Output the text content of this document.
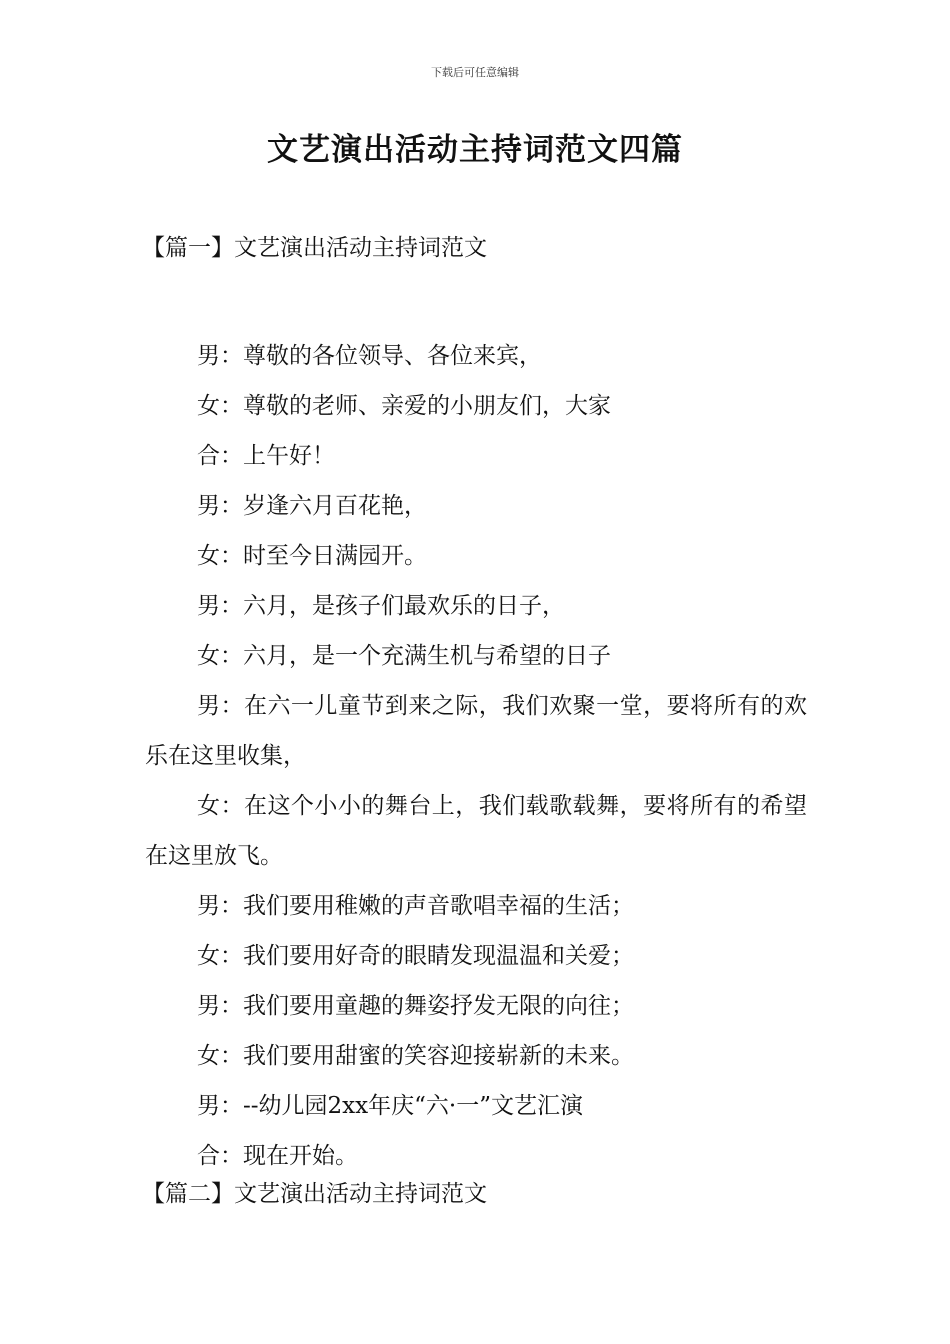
下载后可任意编辑
文艺演出活动主持词范文四篇
【篇一】文艺演出活动主持词范文

男：尊敬的各位领导、各位来宾，

女：尊敬的老师、亲爱的小朋友们，大家

合：上午好！

男：岁逢六月百花艳，

女：时至今日满园开。

男：六月，是孩子们最欢乐的日子，

女：六月，是一个充满生机与希望的日子

男：在六一儿童节到来之际，我们欢聚一堂，要将所有的欢乐在这里收集，

女：在这个小小的舞台上，我们载歌载舞，要将所有的希望在这里放飞。

男：我们要用稚嫩的声音歌唱幸福的生活；

女：我们要用好奇的眼睛发现温温和关爱；

男：我们要用童趣的舞姿抒发无限的向往；

女：我们要用甜蜜的笑容迎接崭新的未来。

男：--幼儿园2xx年庆“六·一”文艺汇演

合：现在开始。

【篇二】文艺演出活动主持词范文
